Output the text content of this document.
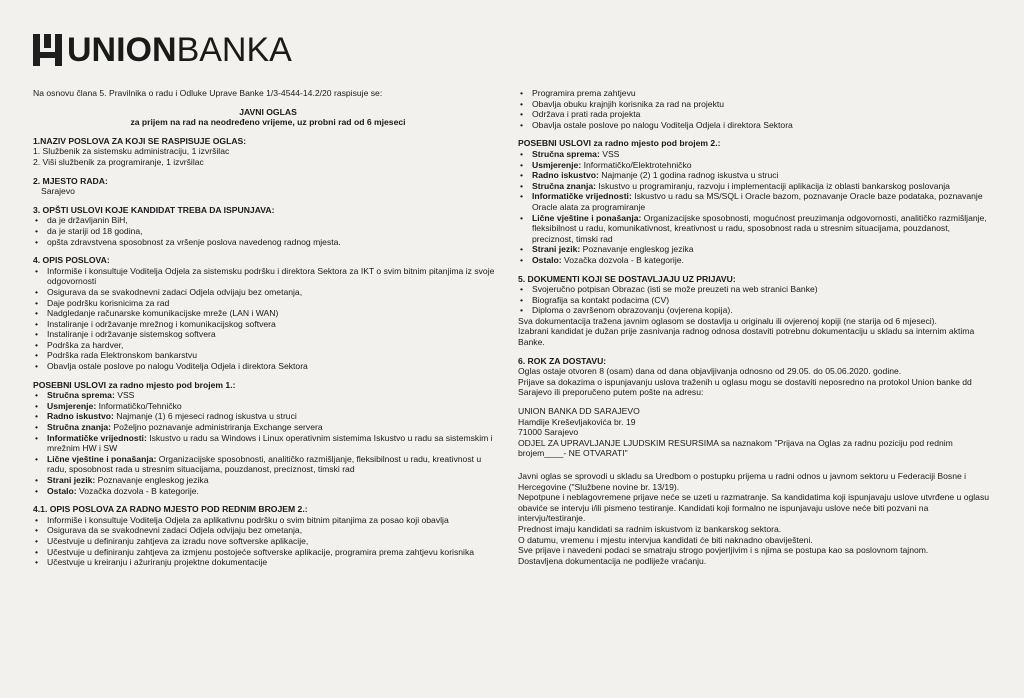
UNIONBANKA

Na osnovu člana 5. Pravilnika o radu i Odluke Uprave Banke 1/3-4544-14.2/20 raspisuje se:

JAVNI OGLAS

za prijem na rad na neodređeno vrijeme, uz probni rad od 6 mjeseci

1.NAZIV POSLOVA ZA KOJI SE RASPISUJE OGLAS:

1. Službenik za sistemsku administraciju, 1 izvršilac

2. Viši službenik za programiranje, 1 izvršilac

2. MJESTO RADA:

Sarajevo

3. OPŠTI USLOVI KOJE KANDIDAT TREBA DA ISPUNJAVA:

• da je državljanin BiH,
• da je stariji od 18 godina,
• opšta zdravstvena sposobnost za vršenje poslova navedenog radnog mjesta.

4. OPIS POSLOVA:

• Informiše i konsultuje Voditelja Odjela za sistemsku podršku i direktora Sektora za IKT o svim bitnim pitanjima iz svoje odgovornosti
• Osigurava da se svakodnevni zadaci Odjela odvijaju bez ometanja,
• Daje podršku korisnicima za rad
• Nadgledanje računarske komunikacijske mreže (LAN i WAN)
• Instaliranje i održavanje mrežnog i komunikacijskog softvera
• Instaliranje i održavanje sistemskog softvera
• Podrška za hardver,
• Podrška rada Elektronskom bankarstvu
• Obavlja ostale poslove po nalogu Voditelja Odjela i direktora Sektora

POSEBNI USLOVI za radno mjesto pod brojem 1.:

• Stručna sprema: VSS
• Usmjerenje: Informatičko/Tehničko
• Radno iskustvo: Najmanje (1) 6 mjeseci radnog iskustva u struci
• Stručna znanja: Poželjno poznavanje administriranja Exchange servera
• Informatičke vrijednosti: Iskustvo u radu sa Windows i Linux operativnim sistemima Iskustvo u radu sa sistemskim i mrežnim HW i SW
• Lične vještine i ponašanja: Organizacijske sposobnosti, analitičko razmišljanje, fleksibilnost u radu, kreativnost u radu, sposobnost rada u stresnim situacijama, pouzdanost, preciznost, timski rad
• Strani jezik: Poznavanje engleskog jezika
• Ostalo: Vozačka dozvola - B kategorije.

4.1. OPIS POSLOVA ZA RADNO MJESTO POD REDNIM BROJEM 2.:

• Informiše i konsultuje Voditelja Odjela za aplikativnu podršku o svim bitnim pitanjima za posao koji obavlja
• Osigurava da se svakodnevni zadaci Odjela odvijaju bez ometanja,
• Učestvuje u definiranju zahtjeva za izradu nove softverske aplikacije,
• Učestvuje u definiranju zahtjeva za izmjenu postojeće softverske aplikacije, programira prema zahtjevu korisnika
• Učestvuje u kreiranju i ažuriranju projektne dokumentacije
• Programira prema zahtjevu
• Obavlja obuku krajnjih korisnika za rad na projektu
• Održava i prati rada projekta
• Obavlja ostale poslove po nalogu Voditelja Odjela i direktora Sektora

POSEBNI USLOVI za radno mjesto pod brojem 2.:

• Stručna sprema: VSS
• Usmjerenje: Informatičko/Elektrotehničko
• Radno iskustvo: Najmanje (2) 1 godina radnog iskustva u struci
• Stručna znanja: Iskustvo u programiranju, razvoju i implementaciji aplikacija iz oblasti bankarskog poslovanja
• Informatičke vrijednosti: Iskustvo u radu sa MS/SQL i Oracle bazom, poznavanje Oracle baze podataka, poznavanje Oracle alata za programiranje
• Lične vještine i ponašanja: Organizacijske sposobnosti, mogućnost preuzimanja odgovornosti, analitičko razmišljanje, fleksibilnost u radu, komunikativnost, kreativnost u radu, sposobnost rada u stresnim situacijama, pouzdanost, preciznost, timski rad
• Strani jezik: Poznavanje engleskog jezika
• Ostalo: Vozačka dozvola - B kategorije.

5. DOKUMENTI KOJI SE DOSTAVLJAJU UZ PRIJAVU:

• Svojeručno potpisan Obrazac (isti se može preuzeti na web stranici Banke)
• Biografija sa kontakt podacima (CV)
• Diploma o završenom obrazovanju (ovjerena kopija).

Sva dokumentacija tražena javnim oglasom se dostavlja u originalu ili ovjerenoj kopiji (ne starija od 6 mjeseci).

Izabrani kandidat je dužan prije zasnivanja radnog odnosa dostaviti potrebnu dokumentaciju u skladu sa internim aktima Banke.

6. ROK ZA DOSTAVU:

Oglas ostaje otvoren 8 (osam) dana od dana objavljivanja odnosno od 29.05. do 05.06.2020. godine.

Prijave sa dokazima o ispunjavanju uslova traženih u oglasu mogu se dostaviti neposredno na protokol Union banke dd Sarajevo ili preporučeno putem pošte na adresu:

UNION BANKA DD SARAJEVO

Hamdije Kreševljakovića br. 19

71000 Sarajevo

ODJEL ZA UPRAVLJANJE LJUDSKIM RESURSIMA sa naznakom "Prijava na Oglas za radnu poziciju pod rednim brojem____- NE OTVARATI"

Javni oglas se sprovodi u skladu sa Uredbom o postupku prijema u radni odnos u javnom sektoru u Federaciji Bosne i Hercegovine ("Službene novine br. 13/19).

Nepotpune i neblagovremene prijave neće se uzeti u razmatranje. Sa kandidatima koji ispunjavaju uslove utvrđene u oglasu obaviće se intervju i/ili pismeno testiranje. Kandidati koji formalno ne ispunjavaju uslove neće biti pozvani na intervju/testiranje.

Prednost imaju kandidati sa radnim iskustvom iz bankarskog sektora.

O datumu, vremenu i mjestu intervjua kandidati će biti naknadno obaviješteni.

Sve prijave i navedeni podaci se smatraju strogo povjerljivim i s njima se postupa kao sa poslovnom tajnom.

Dostavljena dokumentacija ne podliježe vraćanju.
